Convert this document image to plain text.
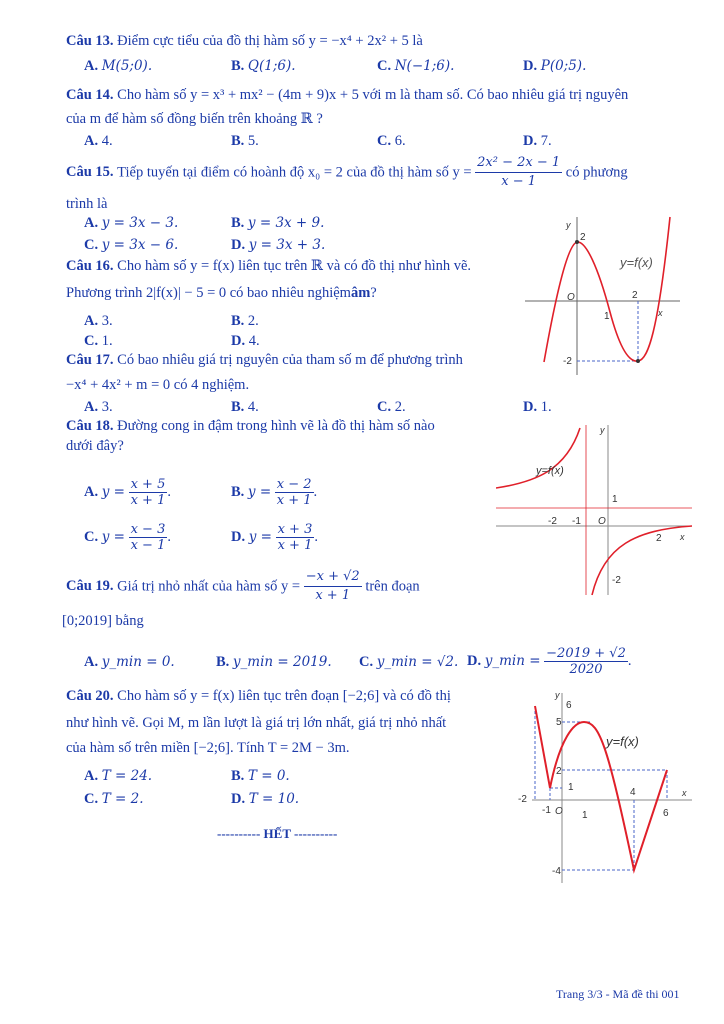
Câu 13. Điểm cực tiểu của đồ thị hàm số y = −x⁴ + 2x² + 5 là
A. M(5;0).	B. Q(1;6).	C. N(−1;6).	D. P(0;5).
Câu 14. Cho hàm số y = x³ + mx² − (4m + 9)x + 5 với m là tham số. Có bao nhiêu giá trị nguyên
của m để hàm số đồng biến trên khoảng ℝ ?
A. 4.	B. 5.	C. 6.	D. 7.
Câu 15. Tiếp tuyến tại điểm có hoành độ x₀ = 2 của đồ thị hàm số $y = \frac{\text{2x² − 2x − 1}}{x - 1}$ có phương
trình là
A. y = 3x − 3.	B. y = 3x + 9.
C. y = 3x − 6.	D. y = 3x + 3.
Câu 16. Cho hàm số y = f(x) liên tục trên ℝ và có đồ thị như hình vẽ.
Phương trình 2|f(x)| − 5 = 0 có bao nhiêu nghiệmâm?
A. 3.	B. 2.
C. 1.	D. 4.
y
2
-2
O
1
2
x
y=f(x)
Câu 17. Có bao nhiêu giá trị nguyên của tham số m để phương trình
−x⁴ + 4x² + m = 0 có 4 nghiệm.
A. 3.	B. 4.	C. 2.	D. 1.
Câu 18. Đường cong in đậm trong hình vẽ là đồ thị hàm số nào
dưới đây?
A. $y = \frac{x + 5}{x + 1}$ .	B. $y = \frac{x - 2}{x + 1}$ .
C. $y = \frac{x - 3}{x - 1}$ .	D. $y = \frac{x + 3}{x + 1}$ .
y
y=f(x)
1
-2 -1 O
2 x
-2
Câu 19. Giá trị nhỏ nhất của hàm số $y = \frac{-x + √2}{x + 1}$ trên đoạn
[0;2019] bằng
A. y_min = 0.	B. y_min = 2019. C. y_min = √2. D. y_min = $\frac{-2019 + √2}{2020}$ .
Câu 20. Cho hàm số y = f(x) liên tục trên đoạn [−2;6] và có đồ thị
như hình vẽ. Gọi M, m lần lượt là giá trị lớn nhất, giá trị nhỏ nhất
của hàm số trên miền [−2;6]. Tính T = 2M − 3m.
A. T = 24.	B. T = 0.
C. T = 2.	D. T = 10.
y
6
5
2
1
-4
-2
-1 O 1
4
6
x
y=f(x)
---------- HẾT ----------
Trang 3/3 - Mã đề thi 001
